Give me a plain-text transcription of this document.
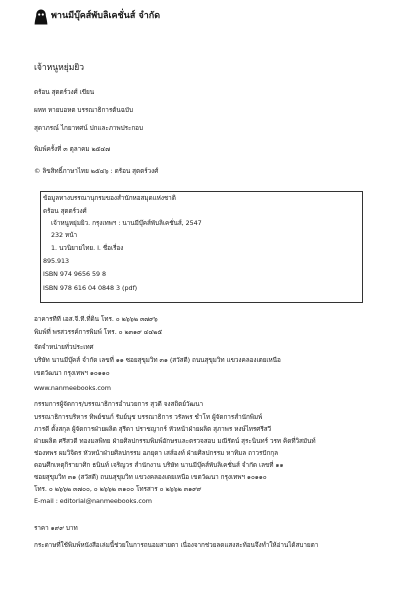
พานมีบุ๊คส์พับลิเคชั่นส์ จำกัด
เจ้าหนูหยุ่มยิว
ดร้อน สุตตร์วงศ์ เขียน
ผหท หายบอหต บรรณาธิการต้นฉบับ
สุดาภรณ์ ไกยาทศน์ ปกและภาพประกอบ
พิมพ์ครั้งที่ ๓ ตุลาคม ๒๕๔๗
© ลิขสิทธิ์ภาษาไทย ๒๕๔๖ : ดร้อน สุตตร์วงศ์
ข้อมูลทางบรรณานุกรมของสำนักหอสมุดแห่งชาติ
ดร้อน สุตตร์วงศ์
เจ้าหนูหยุ่มยิว. กรุงเทพฯ : นานมีบุ๊คส์พับลิเคชั่นส์, 2547
232 หน้า
1. นวนิยายไทย. I. ชื่อเรื่อง
895.913
ISBN 974 9656 59 8
ISBN 978 616 04 0848 3 (pdf)
อาคารทีที เอส.จี.ที.ที่ดิน โทร. ๐ ๒๖๖๒ ๓๗๙๖
พิมพ์ที่ พรสวรรค์การพิมพ์ โทร. ๐ ๒๓๑๙ ๔๔๒๕
จัดจำหน่ายทั่วประเทศ
บริษัท นานมีบุ๊คส์ จำกัด เลขที่ ๑๑ ซอยสุขุมวิท ๓๑ (สวัสดี) ถนนสุขุมวิท แขวงคลองเตยเหนือ
เขตวัฒนา กรุงเทพฯ ๑๐๑๑๐
www.nanmeebooks.com
กรรมการผู้จัดการ/บรรณาธิการอำนวยการ สุวดี จงสถิตย์วัฒนา
บรรณาธิการบริหาร ทิพย์ชนก์ รัมย์นุช บรรณาธิการ วรัลพร ชำโท ผู้จัดการสำนักพิมพ์
ภารดี ตั้งสกุล ผู้จัดการฝ่ายผลิต สุรีดา ปราชญากร์ หัวหน้าฝ่ายผลิต สุภาพร หงษ์ไทรศรีสวี
ฝ่ายผลิต ศรีสวดี ทองมลพิทย ฝ่ายศิลปกรรมพิมพ์อักษรและตรวจสอบ มณีรัตน์ สุระนินทร์ วรท คิดที่วิสมันท์
ช่องทพร ผมวิจิตร หัวหน้าฝ่ายศิลปกรรม อภยุดา เสส์องท์ ฝ่ายศิลปกรรม หาทิมล ถาวรปักกุล
ดอนศึกเหตุกิรายาศิก ธนินท์ เจริญวร สำนักงาน บริษัท นานมีบุ๊คส์พับลิเคชั่นส์ จำกัด เลขที่ ๑๑
ซอยสุขุมวิท ๓๑ (สวัสดี) ถนนสุขุมวิท แขวงคลองเตยเหนือ เขตวัฒนา กรุงเทพฯ ๑๐๑๑๐
โทร. ๐ ๒๖๖๒ ๓๗๐๐, ๐ ๒๖๖๒ ๓๑๐๐ โทรสาร ๐ ๒๖๖๒ ๓๑๙๙
E-mail : editorial@nanmeebooks.com
ราคา ๑๙๙ บาท
กระดาษที่ใช้พิมพ์หนังสือเล่มนี้ช่วยในการถนอมสายตา เนื่องจากช่วยลดแสงสะท้อนจึงทำให้อ่านได้สบายตา
